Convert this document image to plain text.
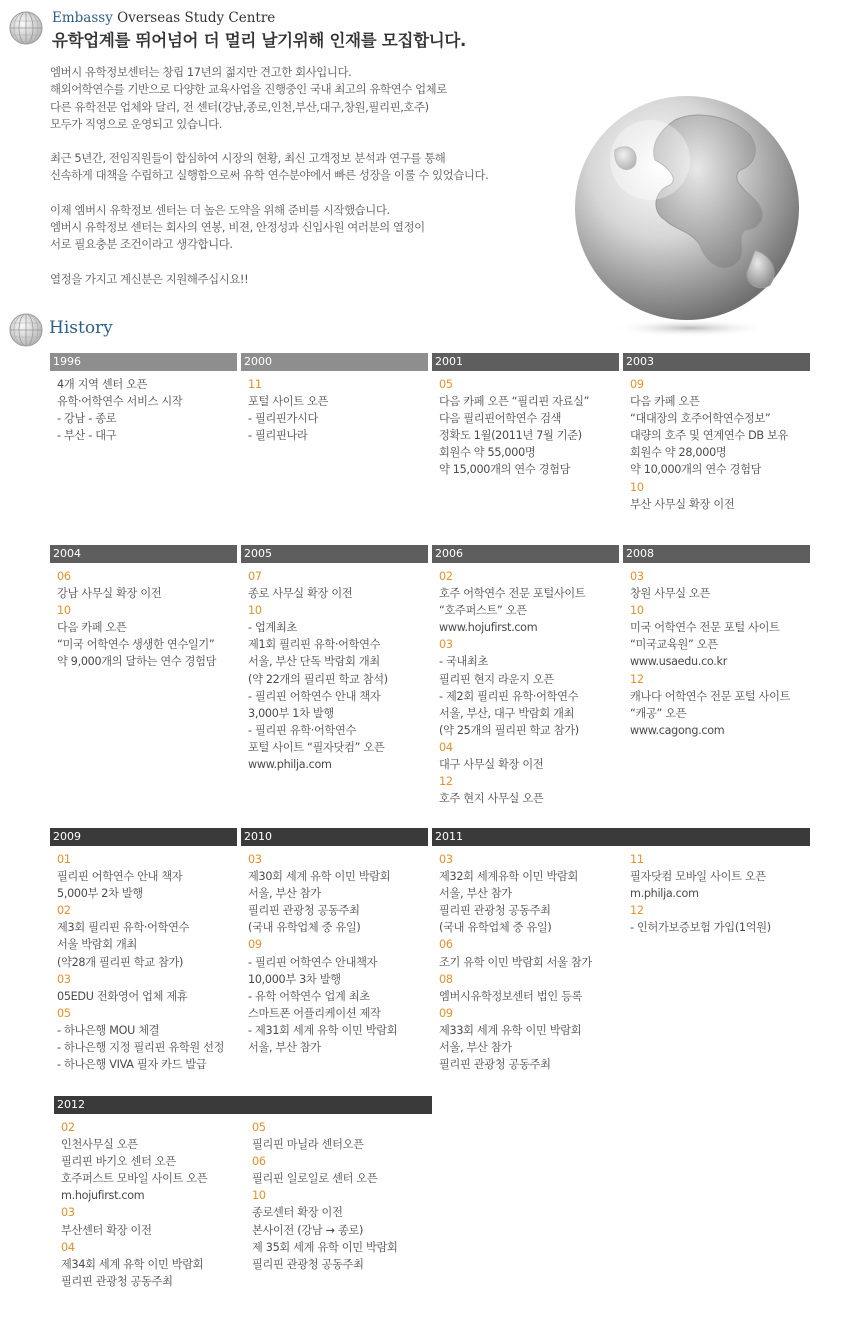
Embassy Overseas Study Centre
유학업계를 뛰어넘어 더 멀리 날기위해 인재를 모집합니다.

엠버시 유학정보센터는 창립 17년의 젊지만 견고한 회사입니다.
해외어학연수를 기반으로 다양한 교육사업을 진행중인 국내 최고의 유학연수 업체로
다른 유학전문 업체와 달리, 전 센터(강남,종로,인천,부산,대구,창원,필리핀,호주)
모두가 직영으로 운영되고 있습니다.

최근 5년간, 전임직원들이 합심하여 시장의 현황, 최신 고객정보 분석과 연구를 통해
신속하게 대책을 수립하고 실행함으로써 유학 연수분야에서 빠른 성장을 이룰 수 있었습니다.

이제 엠버시 유학정보 센터는 더 높은 도약을 위해 준비를 시작했습니다.
엠버시 유학정보 센터는 회사의 연봉, 비젼, 안정성과 신입사원 여러분의 열정이
서로 필요충분 조건이라고 생각합니다.

열정을 가지고 계신분은 지원해주십시요!!

History
1996
4개 지역 센터 오픈
유학·어학연수 서비스 시작
- 강남 - 종로
- 부산 - 대구
2000
11
포털 사이트 오픈
- 필리핀가시다
- 필리핀나라
2001
05
다음 카페 오픈 “필리핀 자료실”
다음 필리핀어학연수 검색
정확도 1윌(2011년 7월 기준)
회원수 약 55,000명
약 15,000개의 연수 경험담
2003
09
다음 카페 오픈
“대대장의 호주어학연수정보”
대량의 호주 및 연계연수 DB 보유
회원수 약 28,000명
약 10,000개의 연수 경험담
10
부산 사무실 확장 이전
2004
06
강남 사무실 확장 이전
10
다음 카페 오픈
“미국 어학연수 생생한 연수일기”
약 9,000개의 달하는 연수 경험담
2005
07
종로 사무실 확장 이전
10
- 업계최초
제1회 필리핀 유학·어학연수
서울, 부산 단독 박람회 개최
(약 22개의 필리핀 학교 참석)
- 필리핀 어학연수 안내 책자
3,000부 1차 발행
- 필리핀 유학·어학연수
포털 사이트 “필자닷컴” 오픈
www.philja.com
2006
02
호주 어학연수 전문 포털사이트
“호주퍼스트” 오픈
www.hojufirst.com
03
- 국내최초
필리핀 현지 라운지 오픈
- 제2회 필리핀 유학·어학연수
서울, 부산, 대구 박람회 개최
(약 25개의 필리핀 학교 참가)
04
대구 사무실 확장 이전
12
호주 현지 사무실 오픈
2008
03
창원 사무실 오픈
10
미국 어학연수 전문 포털 사이트
“미국교육원” 오픈
www.usaedu.co.kr
12
캐나다 어학연수 전문 포털 사이트
“캐공” 오픈
www.cagong.com
2009
01
필리핀 어학연수 안내 책자
5,000부 2차 발행
02
제3회 필리핀 유학·어학연수
서울 박람회 개최
(약28개 필리핀 학교 참가)
03
05EDU 전화영어 업체 제휴
05
- 하나은행 MOU 체결
- 하나은행 지정 필리핀 유학원 선정
- 하나은행 VIVA 필자 카드 발급
2010
03
제30회 세계 유학 이민 박람회
서울, 부산 참가
필리핀 관광청 공동주최
(국내 유학업체 중 유일)
09
- 필리핀 어학연수 안내책자
10,000부 3차 발행
- 유학 어학연수 업계 최초
스마트폰 어플리케이션 제작
- 제31회 세계 유학 이민 박람회
서울, 부산 참가
2011
03
제32회 세계유학 이민 박람회
서울, 부산 참가
필리핀 관광청 공동주최
(국내 유학업체 중 유일)
06
조기 유학 이민 박람회 서울 참가
08
엠버시유학정보센터 법인 등록
09
제33회 세계 유학 이민 박람회
서울, 부산 참가
필리핀 관광청 공동주최
11
필자닷컴 모바일 사이트 오픈
m.philja.com
12
- 인허가보증보험 가입(1억원)
2012
02
인천사무실 오픈
필리핀 바기오 센터 오픈
호주퍼스트 모바일 사이트 오픈
m.hojufirst.com
03
부산센터 확장 이전
04
제34회 세계 유학 이민 박람회
필리핀 관광청 공동주최
05
필리핀 마닐라 센터오픈
06
필리핀 일로일로 센터 오픈
10
종로센터 확장 이전
본사이전 (강남 → 종로)
제 35회 세계 유학 이민 박람회
필리핀 관광청 공동주최
